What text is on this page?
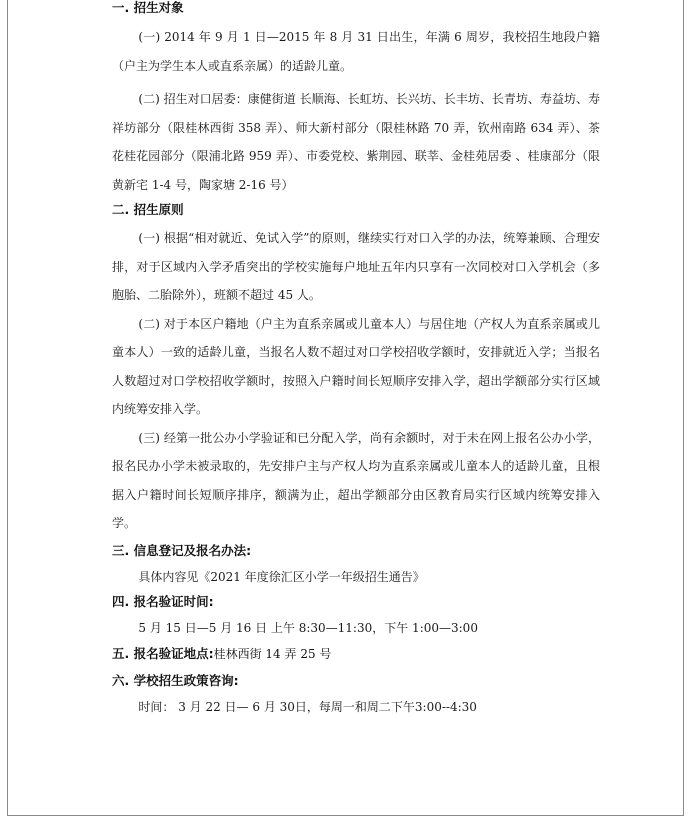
一. 招生对象
(一) 2014 年 9 月 1 日—2015 年 8 月 31 日出生，年满 6 周岁，我校招生地段户籍（户主为学生本人或直系亲属）的适龄儿童。
(二) 招生对口居委：康健街道 长顺海、长虹坊、长兴坊、长丰坊、长青坊、寿益坊、寿祥坊部分（限桂林西街 358 弄）、师大新村部分（限桂林路 70 弄，钦州南路 634 弄）、茶花桂花园部分（限浦北路 959 弄）、市委党校、紫荆园、联莘、金桂苑居委 、桂康部分（限黄新宅 1-4 号，陶家塘 2-16 号）
二. 招生原则
(一) 根据“相对就近、免试入学”的原则，继续实行对口入学的办法，统筹兼顾、合理安排，对于区域内入学矛盾突出的学校实施每户地址五年内只享有一次同校对口入学机会（多胞胎、二胎除外），班额不超过 45 人。
(二) 对于本区户籍地（户主为直系亲属或儿童本人）与居住地（产权人为直系亲属或儿童本人）一致的适龄儿童，当报名人数不超过对口学校招收学额时，安排就近入学；当报名人数超过对口学校招收学额时，按照入户籍时间长短顺序安排入学，超出学额部分实行区域内统筹安排入学。
(三) 经第一批公办小学验证和已分配入学，尚有余额时，对于未在网上报名公办小学，报名民办小学未被录取的，先安排户主与产权人均为直系亲属或儿童本人的适龄儿童，且根据入户籍时间长短顺序排序，额满为止，超出学额部分由区教育局实行区域内统筹安排入学。
三. 信息登记及报名办法:
具体内容见《2021 年度徐汇区小学一年级招生通告》
四. 报名验证时间:
5 月 15 日—5 月 16 日 上午 8:30—11:30，下午 1:00—3:00
五. 报名验证地点:桂林西街 14 弄 25 号
六. 学校招生政策咨询:
时间： 3 月 22 日— 6 月 30日，每周一和周二下午3:00--4:30
